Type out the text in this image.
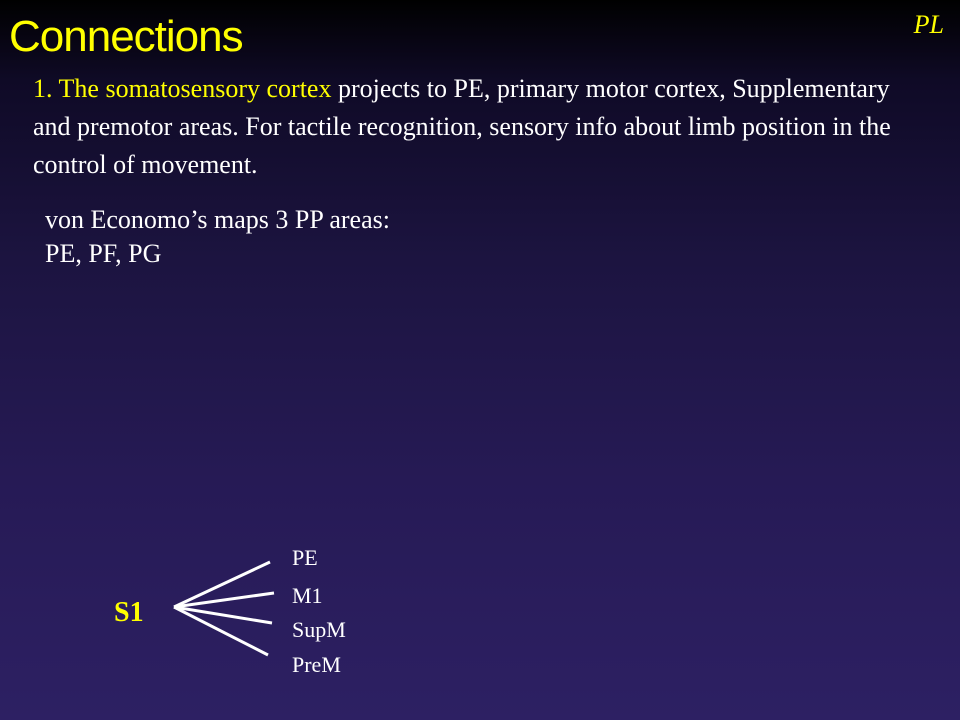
Connections	PL
1. The somatosensory cortex projects to PE, primary motor cortex, Supplementary and premotor areas. For tactile recognition, sensory info about limb position in the control of movement.
von Economo’s maps 3 PP areas:
PE, PF, PG
S1
PE
M1
SupM
PreM
